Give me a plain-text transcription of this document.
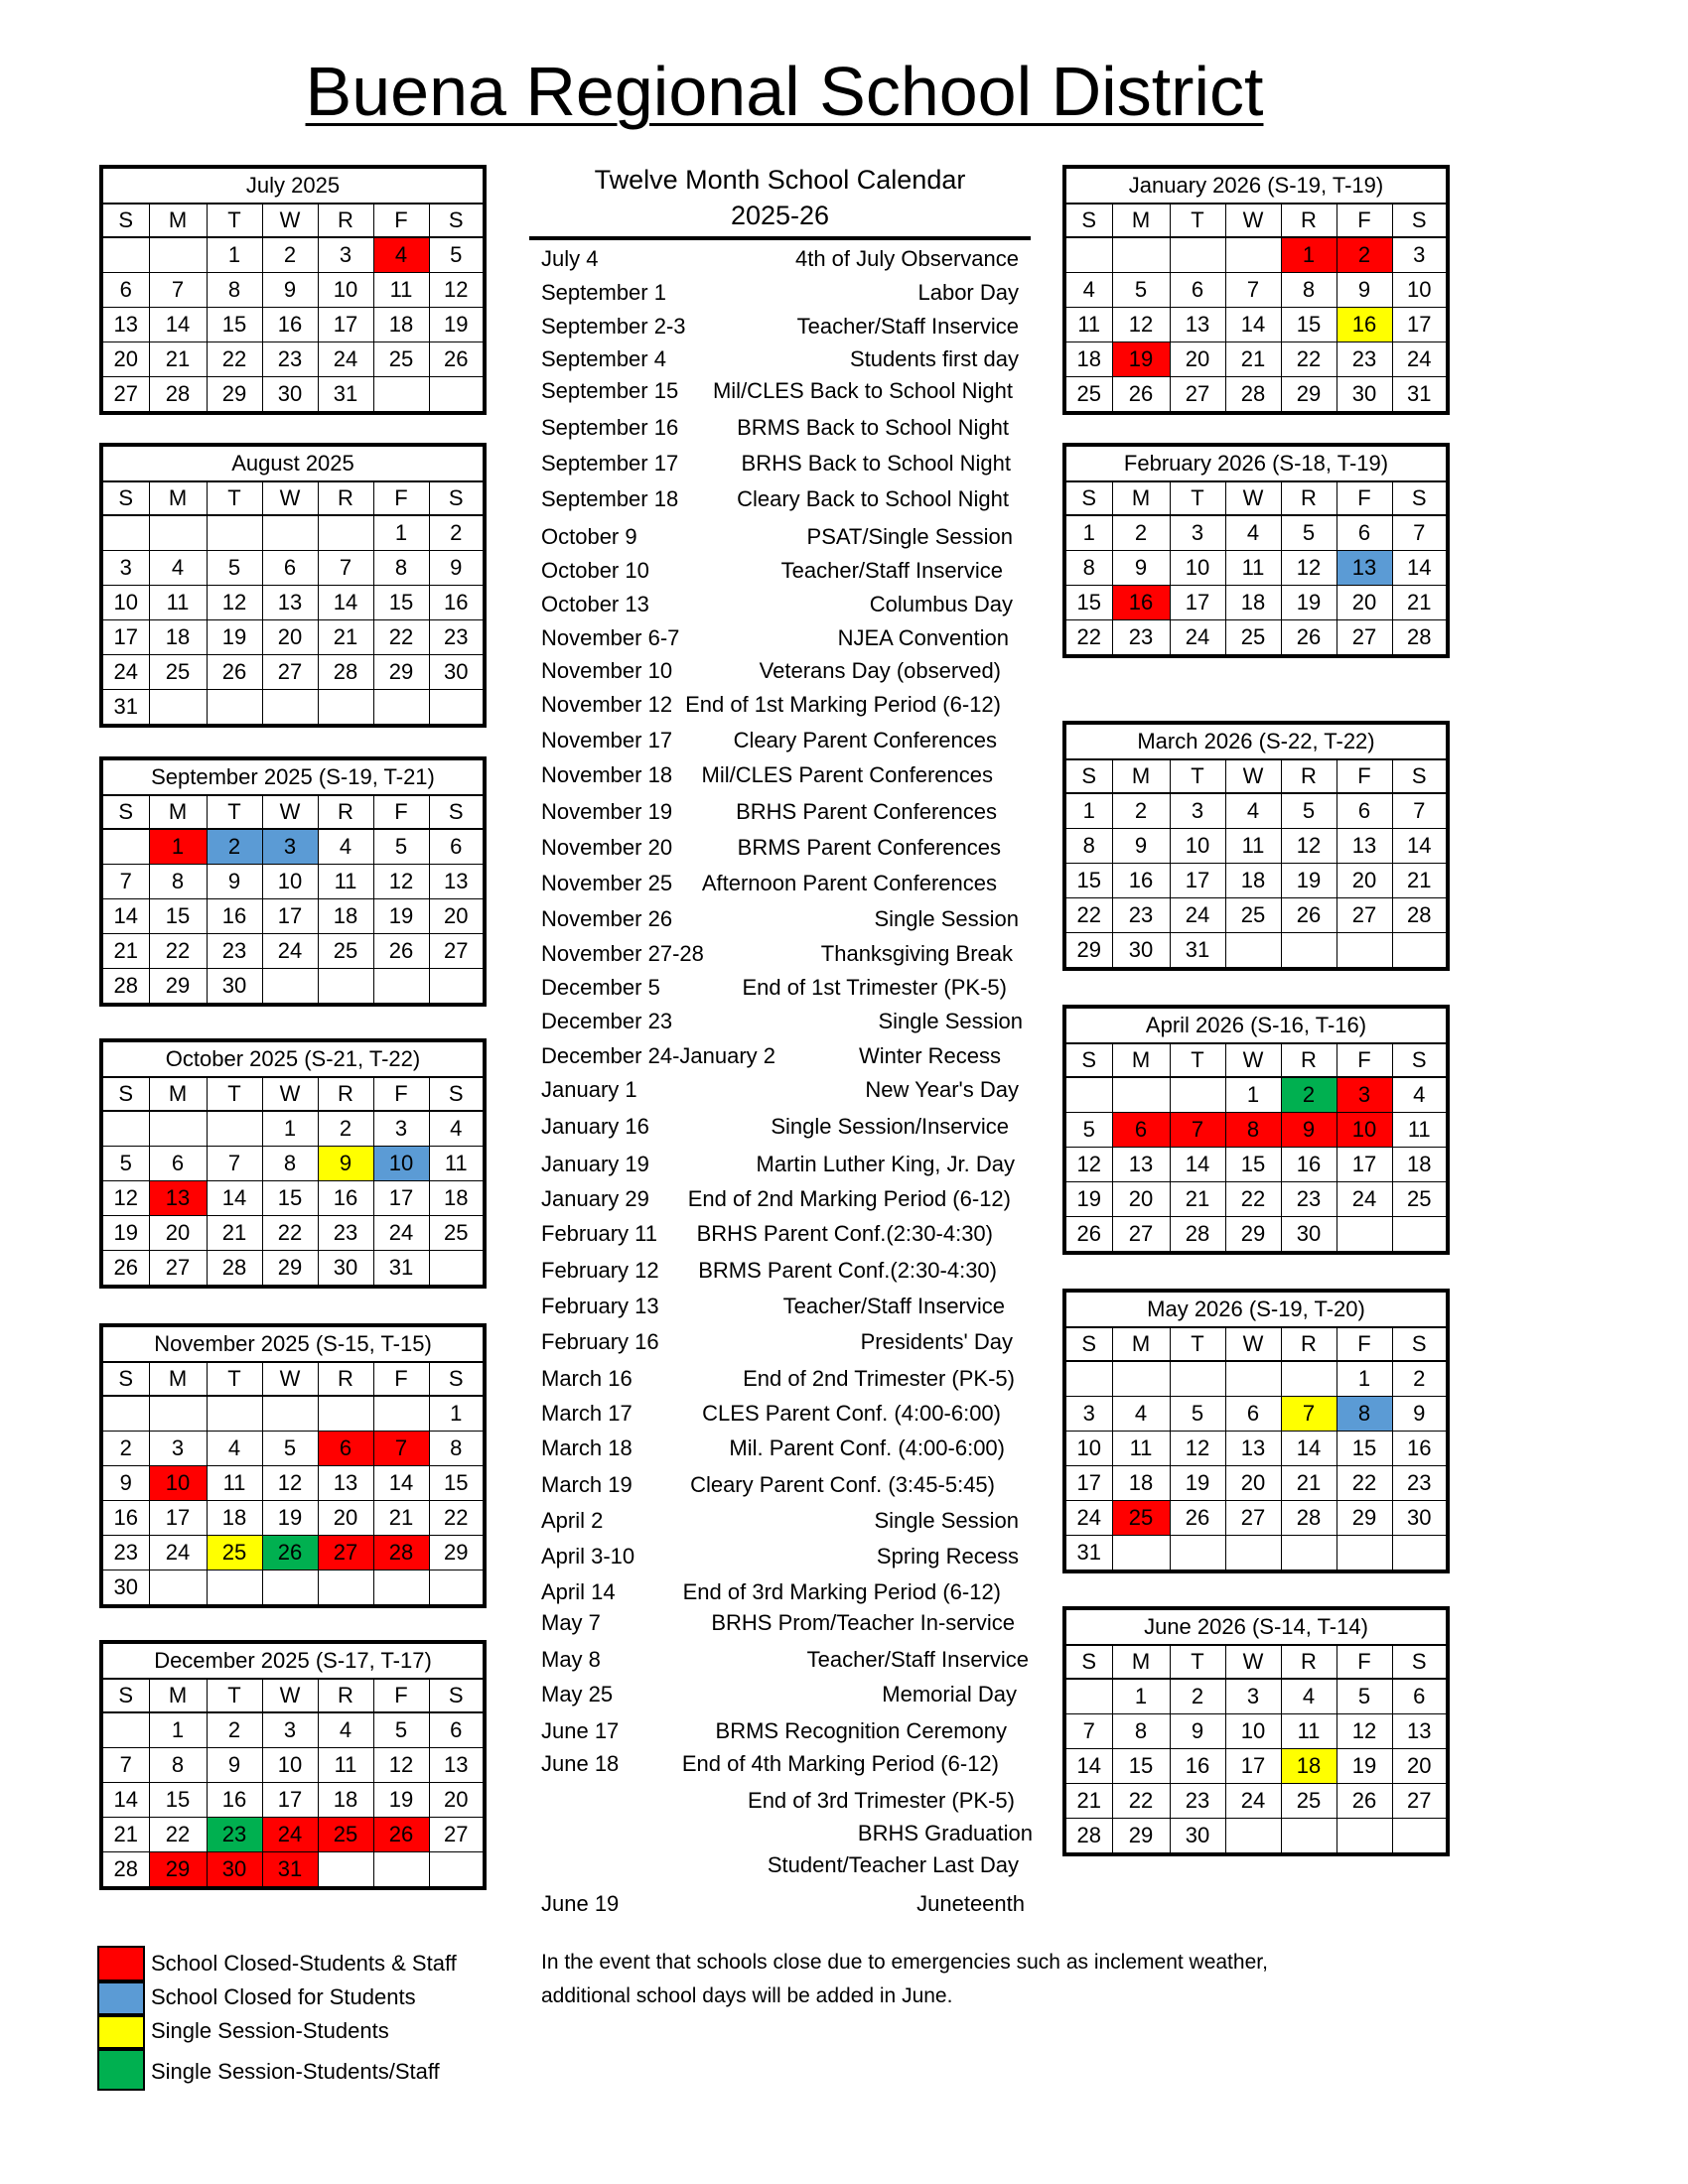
Buena Regional School District
Twelve Month School Calendar
2025-26
July 2025						
S	M	T	W	R	F	S
		1	2	3	4	5
6	7	8	9	10	11	12
13	14	15	16	17	18	19
20	21	22	23	24	25	26
27	28	29	30	31		
August 2025						
S	M	T	W	R	F	S
					1	2
3	4	5	6	7	8	9
10	11	12	13	14	15	16
17	18	19	20	21	22	23
24	25	26	27	28	29	30
31						
September 2025 (S-19, T-21)						
S	M	T	W	R	F	S
	1	2	3	4	5	6
7	8	9	10	11	12	13
14	15	16	17	18	19	20
21	22	23	24	25	26	27
28	29	30				
October 2025 (S-21, T-22)						
S	M	T	W	R	F	S
			1	2	3	4
5	6	7	8	9	10	11
12	13	14	15	16	17	18
19	20	21	22	23	24	25
26	27	28	29	30	31	
November 2025 (S-15, T-15)						
S	M	T	W	R	F	S
						1
2	3	4	5	6	7	8
9	10	11	12	13	14	15
16	17	18	19	20	21	22
23	24	25	26	27	28	29
30						
December 2025 (S-17, T-17)						
S	M	T	W	R	F	S
	1	2	3	4	5	6
7	8	9	10	11	12	13
14	15	16	17	18	19	20
21	22	23	24	25	26	27
28	29	30	31			
January 2026 (S-19, T-19)						
S	M	T	W	R	F	S
				1	2	3
4	5	6	7	8	9	10
11	12	13	14	15	16	17
18	19	20	21	22	23	24
25	26	27	28	29	30	31
February 2026 (S-18, T-19)						
S	M	T	W	R	F	S
1	2	3	4	5	6	7
8	9	10	11	12	13	14
15	16	17	18	19	20	21
22	23	24	25	26	27	28
March 2026 (S-22, T-22)						
S	M	T	W	R	F	S
1	2	3	4	5	6	7
8	9	10	11	12	13	14
15	16	17	18	19	20	21
22	23	24	25	26	27	28
29	30	31				
April 2026 (S-16, T-16)						
S	M	T	W	R	F	S
			1	2	3	4
5	6	7	8	9	10	11
12	13	14	15	16	17	18
19	20	21	22	23	24	25
26	27	28	29	30		
May 2026 (S-19, T-20)						
S	M	T	W	R	F	S
					1	2
3	4	5	6	7	8	9
10	11	12	13	14	15	16
17	18	19	20	21	22	23
24	25	26	27	28	29	30
31						
June 2026 (S-14, T-14)						
S	M	T	W	R	F	S
	1	2	3	4	5	6
7	8	9	10	11	12	13
14	15	16	17	18	19	20
21	22	23	24	25	26	27
28	29	30				
July 4	4th of July Observance
September 1	Labor Day
September 2-3	Teacher/Staff Inservice
September 4	Students first day
September 15 Mil/CLES Back to School Night
September 16	BRMS Back to School Night
September 17	BRHS Back to School Night
September 18	Cleary Back to School Night
October 9	PSAT/Single Session
October 10	Teacher/Staff Inservice
October 13	Columbus Day
November 6-7	NJEA Convention
November 10	Veterans Day (observed)
November 12 End of 1st Marking Period (6-12)
November 17	Cleary Parent Conferences
November 18 Mil/CLES Parent Conferences
November 19	BRHS Parent Conferences
November 20	BRMS Parent Conferences
November 25 Afternoon Parent Conferences
November 26	Single Session
November 27-28	Thanksgiving Break
December 5	End of 1st Trimester (PK-5)
December 23	Single Session
December 24-January 2	Winter Recess
January 1	New Year's Day
January 16	Single Session/Inservice
January 19	Martin Luther King, Jr. Day
January 29 End of 2nd Marking Period (6-12)
February 11 BRHS Parent Conf.(2:30-4:30)
February 12 BRMS Parent Conf.(2:30-4:30)
February 13	Teacher/Staff Inservice
February 16	Presidents' Day
March 16	End of 2nd Trimester (PK-5)
March 17	CLES Parent Conf. (4:00-6:00)
March 18	Mil. Parent Conf. (4:00-6:00)
March 19	Cleary Parent Conf. (3:45-5:45)
April 2	Single Session
April 3-10	Spring Recess
April 14	End of 3rd Marking Period (6-12)
May 7	BRHS Prom/Teacher In-service
May 8	Teacher/Staff Inservice
May 25	Memorial Day
June 17	BRMS Recognition Ceremony
June 18	End of 4th Marking Period (6-12)
End of 3rd Trimester (PK-5)
BRHS Graduation
Student/Teacher Last Day
June 19	Juneteenth
School Closed-Students & Staff
School Closed for Students
Single Session-Students
Single Session-Students/Staff
In the event that schools close due to emergencies such as inclement weather,
additional school days will be added in June.
